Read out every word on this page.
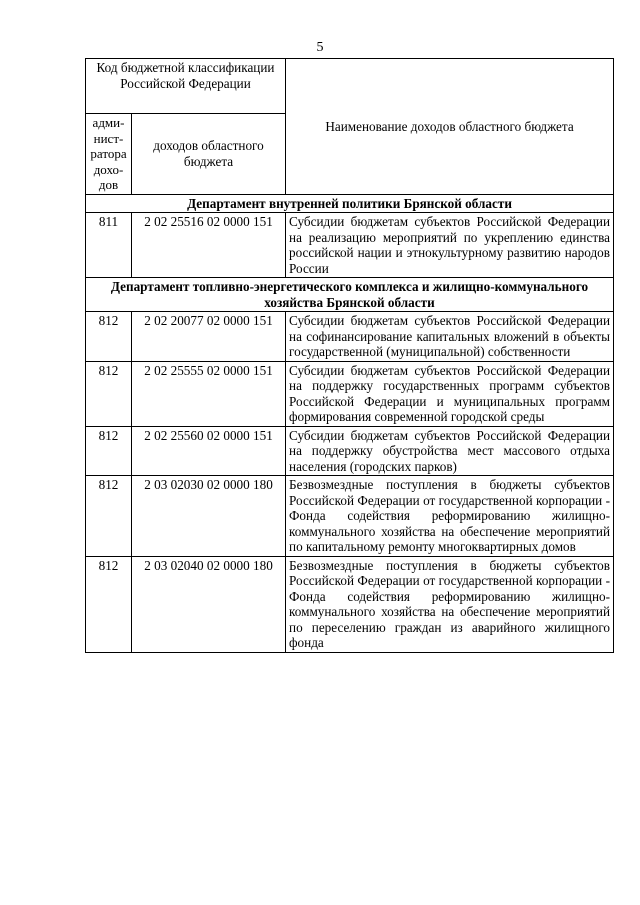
5
Код бюджетной классификации Российской Федерации		Наименование доходов областного бюджета
адми-нист-ратора дохо-дов	доходов областного бюджета	
Департамент внутренней политики Брянской области		
811	2 02 25516 02 0000 151	Субсидии бюджетам субъектов Российской Федерации на реализацию мероприятий по укреплению единства российской нации и этнокультурному развитию народов России
Департамент топливно-энергетического комплекса и жилищно-коммунального хозяйства Брянской области		
812	2 02 20077 02 0000 151	Субсидии бюджетам субъектов Российской Федерации на софинансирование капитальных вложений в объекты государственной (муниципальной) собственности
812	2 02 25555 02 0000 151	Субсидии бюджетам субъектов Российской Федерации на поддержку государственных программ субъектов Российской Федерации и муниципальных программ формирования современной городской среды
812	2 02 25560 02 0000 151	Субсидии бюджетам субъектов Российской Федерации на поддержку обустройства мест массового отдыха населения (городских парков)
812	2 03 02030 02 0000 180	Безвозмездные поступления в бюджеты субъектов Российской Федерации от государственной корпорации - Фонда содействия реформированию жилищно-коммунального хозяйства на обеспечение мероприятий по капитальному ремонту многоквартирных домов
812	2 03 02040 02 0000 180	Безвозмездные поступления в бюджеты субъектов Российской Федерации от государственной корпорации - Фонда содействия реформированию жилищно-коммунального хозяйства на обеспечение мероприятий по переселению граждан из аварийного жилищного фонда
